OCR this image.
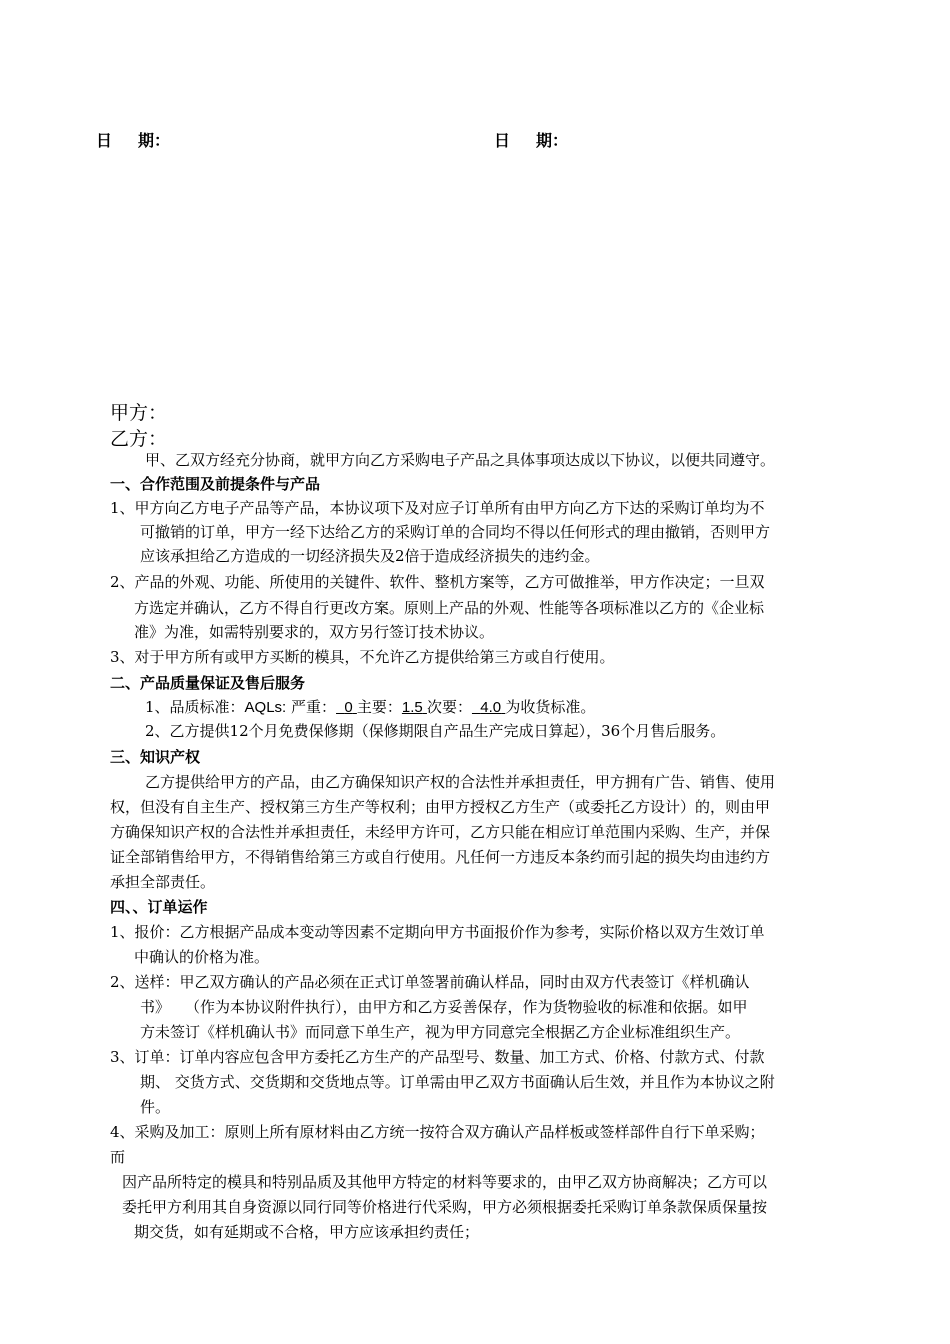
日 期：	日 期：
甲方：
乙方：
甲、乙双方经充分协商，就甲方向乙方采购电子产品之具体事项达成以下协议，以便共同遵守。
一、合作范围及前提条件与产品
1、甲方向乙方电子产品等产品，本协议项下及对应子订单所有由甲方向乙方下达的采购订单均为不
可撤销的订单，甲方一经下达给乙方的采购订单的合同均不得以任何形式的理由撤销，否则甲方
应该承担给乙方造成的一切经济损失及2倍于造成经济损失的违约金。
2、产品的外观、功能、所使用的关键件、软件、整机方案等，乙方可做推举，甲方作决定；一旦双
方选定并确认，乙方不得自行更改方案。原则上产品的外观、性能等各项标准以乙方的《企业标
准》为准，如需特别要求的，双方另行签订技术协议。
3、对于甲方所有或甲方买断的模具，不允许乙方提供给第三方或自行使用。
二、产品质量保证及售后服务
1、品质标准：AQLs: 严重： 0 主要：1.5 次要： 4.0 为收货标准。
2、乙方提供12个月免费保修期（保修期限自产品生产完成日算起），36个月售后服务。
三、知识产权
乙方提供给甲方的产品，由乙方确保知识产权的合法性并承担责任，甲方拥有广告、销售、使用
权，但没有自主生产、授权第三方生产等权利；由甲方授权乙方生产（或委托乙方设计）的，则由甲
方确保知识产权的合法性并承担责任，未经甲方许可，乙方只能在相应订单范围内采购、生产，并保
证全部销售给甲方，不得销售给第三方或自行使用。凡任何一方违反本条约而引起的损失均由违约方
承担全部责任。
四、、订单运作
1、报价：乙方根据产品成本变动等因素不定期向甲方书面报价作为参考，实际价格以双方生效订单
中确认的价格为准。
2、送样：甲乙双方确认的产品必须在正式订单签署前确认样品，同时由双方代表签订《样机确认
书》　　（作为本协议附件执行），由甲方和乙方妥善保存，作为货物验收的标准和依据。如甲
方未签订《样机确认书》而同意下单生产，视为甲方同意完全根据乙方企业标准组织生产。
3、订单：订单内容应包含甲方委托乙方生产的产品型号、数量、加工方式、价格、付款方式、付款
期、 交货方式、交货期和交货地点等。订单需由甲乙双方书面确认后生效，并且作为本协议之附
件。
4、采购及加工：原则上所有原材料由乙方统一按符合双方确认产品样板或签样部件自行下单采购；
而
因产品所特定的模具和特别品质及其他甲方特定的材料等要求的，由甲乙双方协商解决；乙方可以
委托甲方利用其自身资源以同行同等价格进行代采购，甲方必须根据委托采购订单条款保质保量按
期交货，如有延期或不合格，甲方应该承担约责任；
